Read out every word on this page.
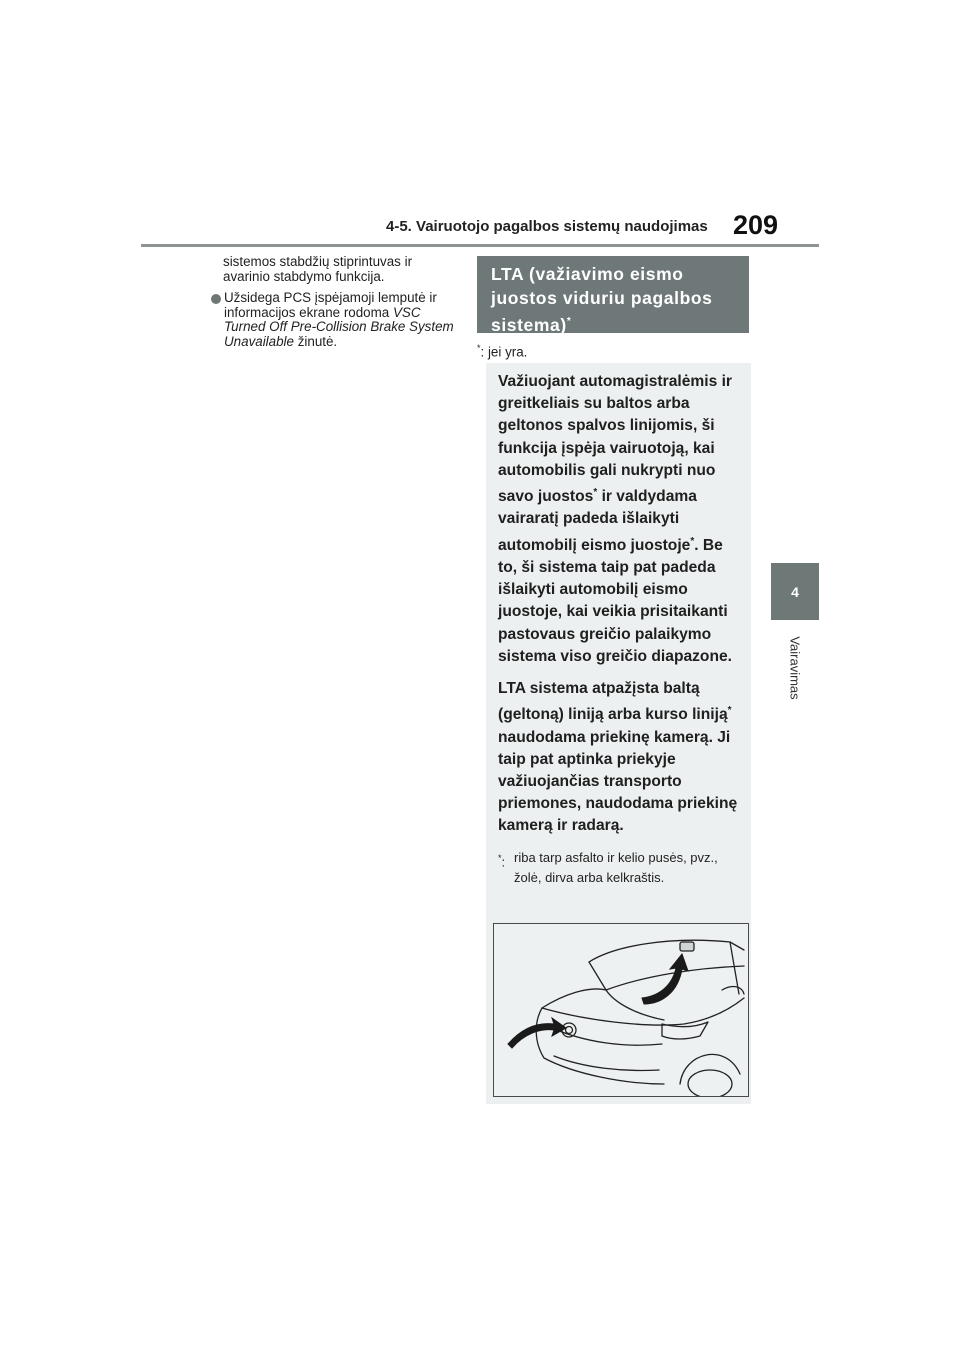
4-5. Vairuotojo pagalbos sistemų naudojimas 209
4
Vairavimas

sistemos stabdžių stiprintuvas ir avarinio stabdymo funkcija.

Užsidega PCS įspėjamoji lemputė ir informacijos ekrane rodoma VSC Turned Off Pre-Collision Brake System Unavailable žinutė.
LTA (važiavimo eismo juostos viduriu pagalbos sistema)*
*: jei yra.

Važiuojant automagistralėmis ir greitkeliais su baltos arba geltonos spalvos linijomis, ši funkcija įspėja vairuotoją, kai automobilis gali nukrypti nuo savo juostos* ir valdydama vairaratį padeda išlaikyti automobilį eismo juostoje*. Be to, ši sistema taip pat padeda išlaikyti automobilį eismo juostoje, kai veikia prisitaikanti pastovaus greičio palaikymo sistema viso greičio diapazone.

LTA sistema atpažįsta baltą (geltoną) liniją arba kurso liniją* naudodama priekinę kamerą. Ji taip pat aptinka priekyje važiuojančias transporto priemones, naudodama priekinę kamerą ir radarą.

*: riba tarp asfalto ir kelio pusės, pvz., žolė, dirva arba kelkraštis.
